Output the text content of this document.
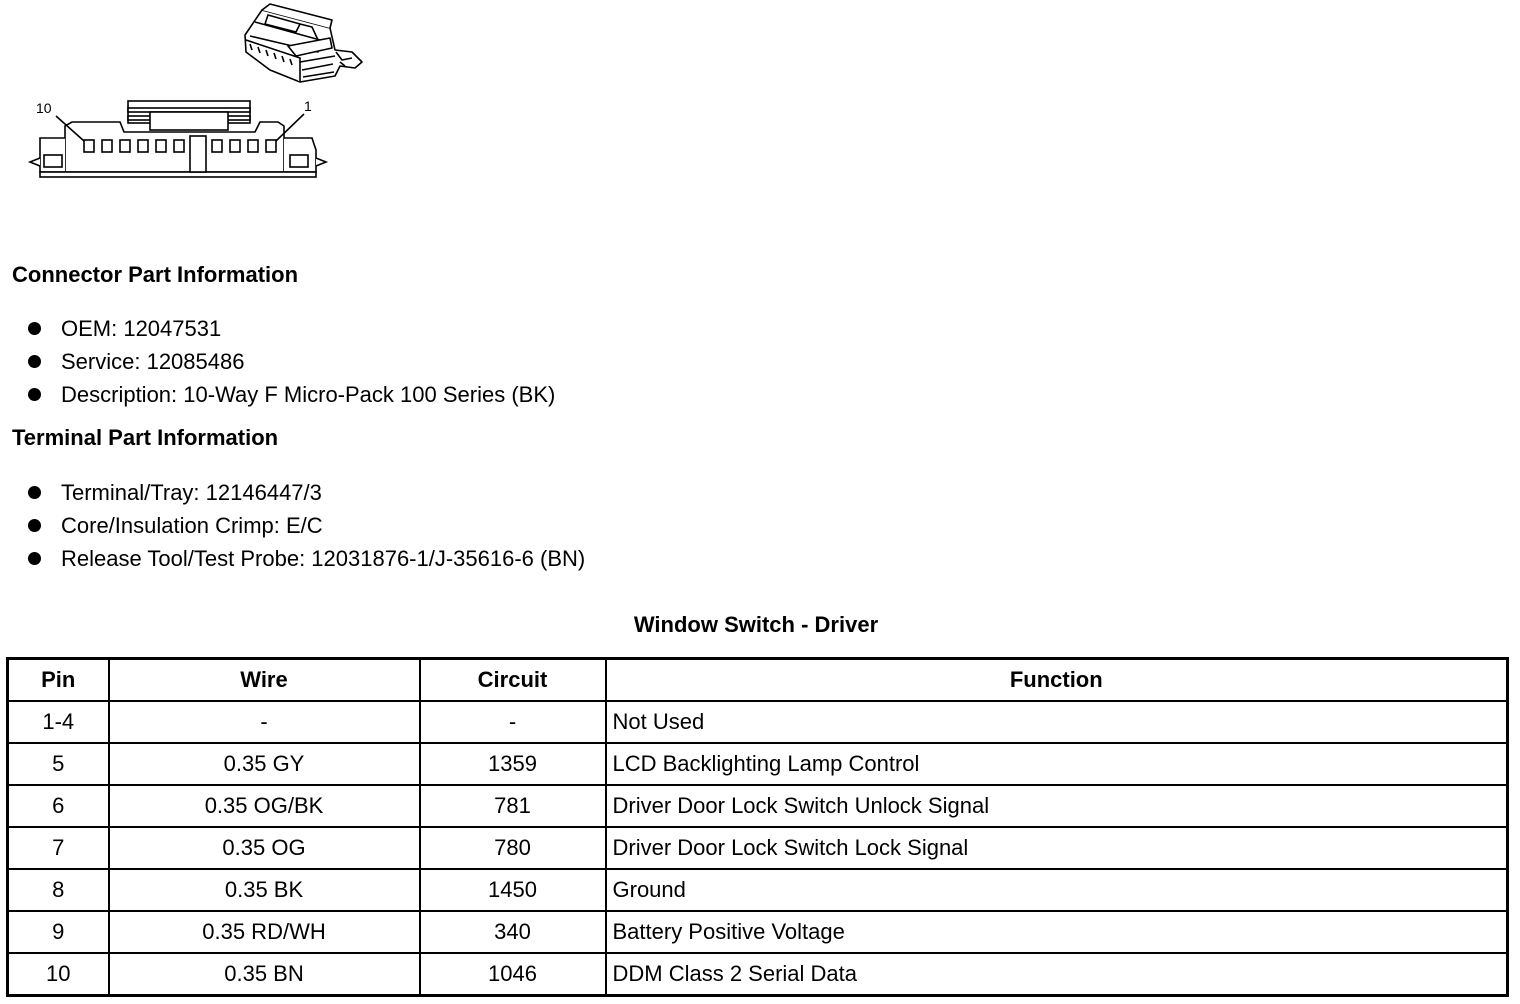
10	1
Connector Part Information
OEM: 12047531
Service: 12085486
Description: 10-Way F Micro-Pack 100 Series (BK)
Terminal Part Information
Terminal/Tray: 12146447/3
Core/Insulation Crimp: E/C
Release Tool/Test Probe: 12031876-1/J-35616-6 (BN)
Window Switch - Driver
Pin	Wire	Circuit	Function
1-4	-	-	Not Used
5	0.35 GY	1359	LCD Backlighting Lamp Control
6	0.35 OG/BK	781	Driver Door Lock Switch Unlock Signal
7	0.35 OG	780	Driver Door Lock Switch Lock Signal
8	0.35 BK	1450	Ground
9	0.35 RD/WH	340	Battery Positive Voltage
10	0.35 BN	1046	DDM Class 2 Serial Data
